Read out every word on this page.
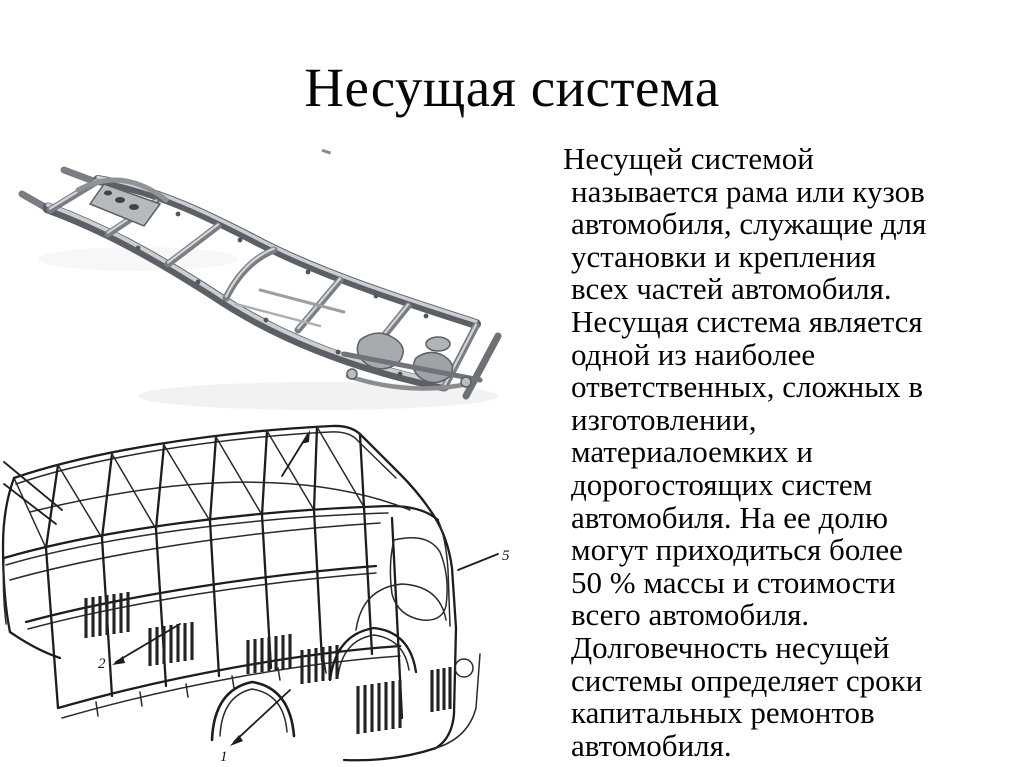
Несущая система
2
1
5
Несущей системой
называется рама или кузов
автомобиля, служащие для
установки и крепления
всех частей автомобиля.
Несущая система является
одной из наиболее
ответственных, сложных в
изготовлении,
материалоемких и
дорогостоящих систем
автомобиля. На ее долю
могут приходиться более
50 % массы и стоимости
всего автомобиля.
Долговечность несущей
системы определяет сроки
капитальных ремонтов
автомобиля.
